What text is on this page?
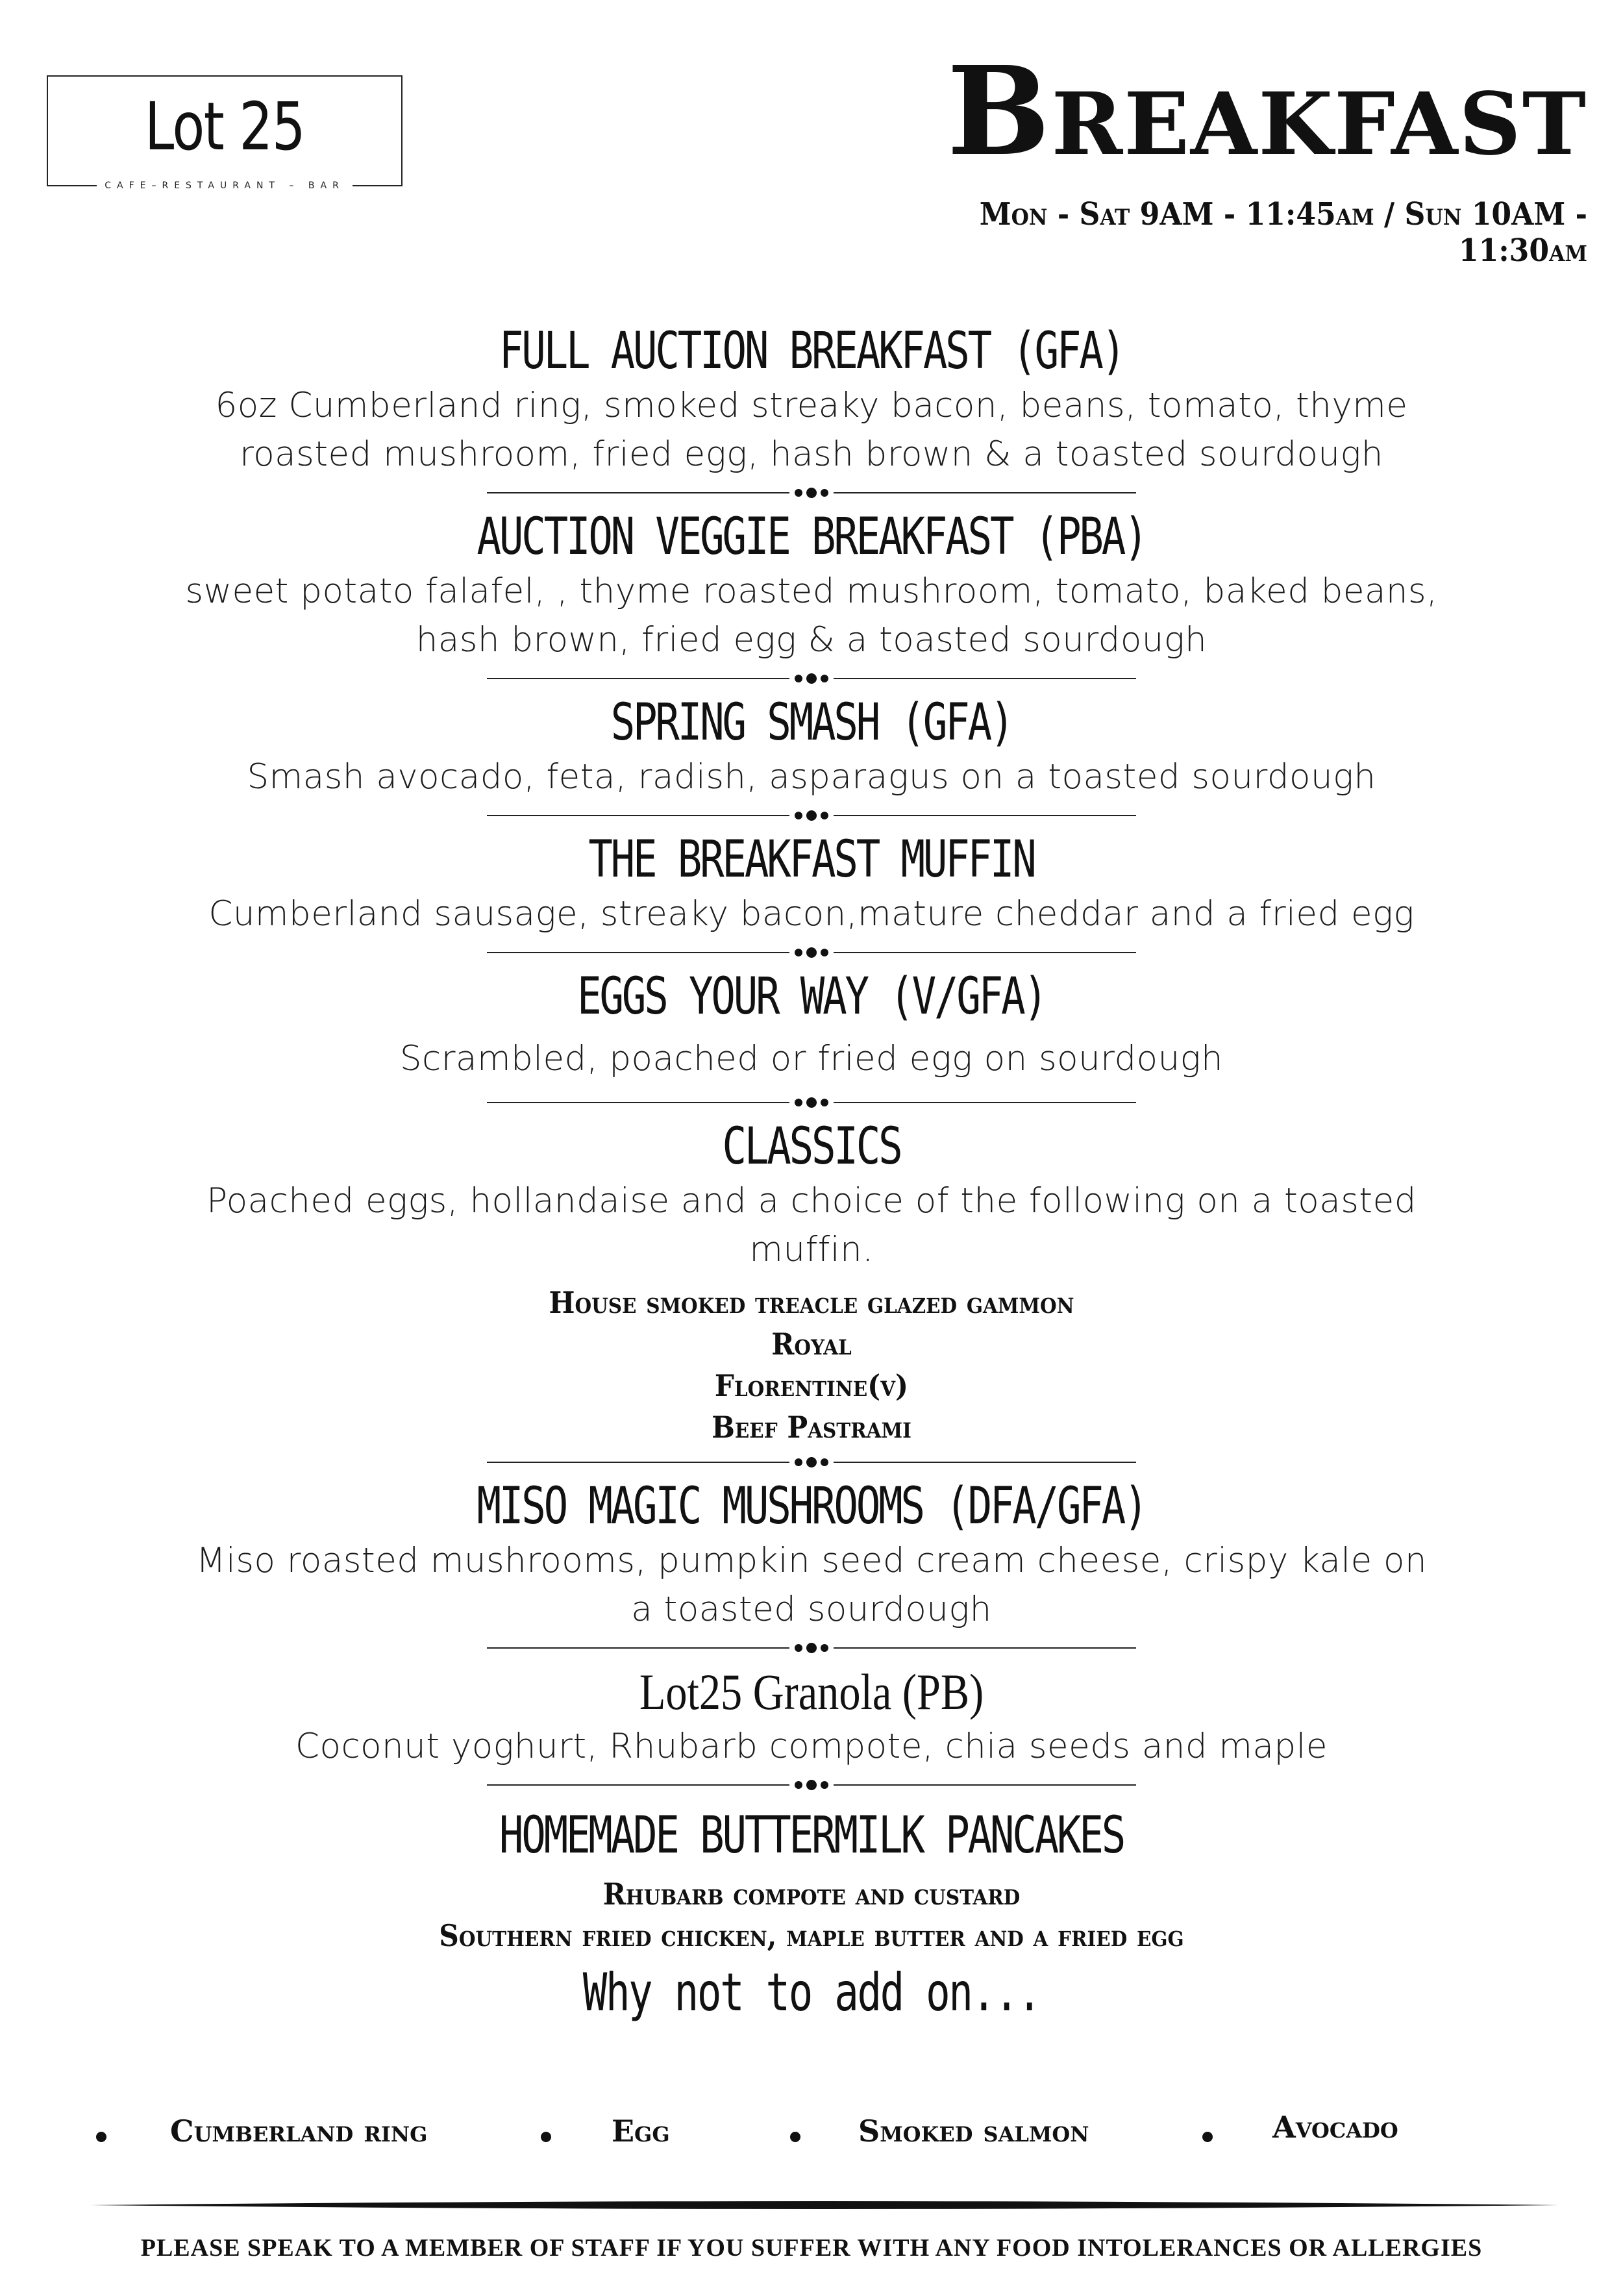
Lot 25
CAFE–RESTAURANT – BAR
Breakfast
Mon - Sat 9AM - 11:45am / Sun 10AM - 11:30am
FULL AUCTION BREAKFAST (GFA)
6oz Cumberland ring, smoked streaky bacon, beans, tomato, thyme
roasted mushroom, fried egg, hash brown & a toasted sourdough
AUCTION VEGGIE BREAKFAST (PBA)
sweet potato falafel, , thyme roasted mushroom, tomato, baked beans,
hash brown, fried egg & a toasted sourdough
SPRING SMASH (GFA)
Smash avocado, feta, radish, asparagus on a toasted sourdough
THE BREAKFAST MUFFIN
Cumberland sausage, streaky bacon,mature cheddar and a fried egg
EGGS YOUR WAY (V/GFA)
Scrambled, poached or fried egg on sourdough
CLASSICS
Poached eggs, hollandaise and a choice of the following on a toasted
muffin.
House smoked treacle glazed gammon
Royal
Florentine(v)
Beef Pastrami
MISO MAGIC MUSHROOMS (DFA/GFA)
Miso roasted mushrooms, pumpkin seed cream cheese, crispy kale on
a toasted sourdough
Lot25 Granola (PB)
Coconut yoghurt, Rhubarb compote, chia seeds and maple
HOMEMADE BUTTERMILK PANCAKES
Rhubarb compote and custard
Southern fried chicken, maple butter and a fried egg
Why not to add on...
Cumberland ring	Egg	Smoked salmon	Avocado
PLEASE SPEAK TO A MEMBER OF STAFF IF YOU SUFFER WITH ANY FOOD INTOLERANCES OR ALLERGIES
